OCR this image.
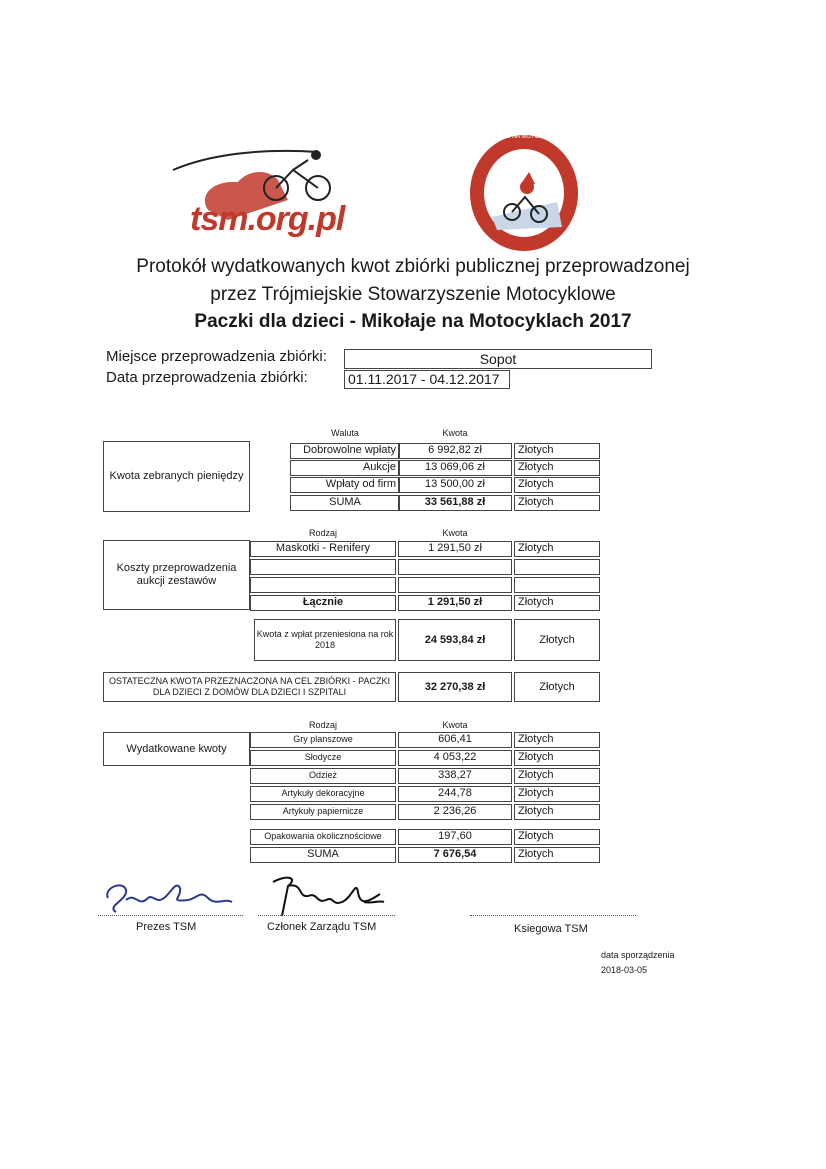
tsm.org.pl
MIKOŁAJE NA MOTOCYKLACH
Protokół wydatkowanych kwot zbiórki publicznej przeprowadzonej
przez Trójmiejskie Stowarzyszenie Motocyklowe
Paczki dla dzieci - Mikołaje na Motocyklach 2017
Miejsce przeprowadzenia zbiórki:	Sopot
Data przeprowadzenia zbiórki:	01.11.2017 - 04.12.2017
Waluta	Kwota
Kwota zebranych pieniędzy
Dobrowolne wpłaty	6 992,82 zł	Złotych
Aukcje	13 069,06 zł	Złotych
Wpłaty od firm	13 500,00 zł	Złotych
SUMA	33 561,88 zł	Złotych
Rodzaj	Kwota
Koszty przeprowadzenia aukcji zestawów
Maskotki - Renifery	1 291,50 zł	Złotych
Łącznie	1 291,50 zł	Złotych
Kwota z wpłat przeniesiona na rok 2018	24 593,84 zł	Złotych
OSTATECZNA KWOTA PRZEZNACZONA NA CEL ZBIÓRKI - PACZKI DLA DZIECI Z DOMÓW DLA DZIECI I SZPITALI	32 270,38 zł	Złotych
Rodzaj	Kwota
Wydatkowane kwoty
Gry planszowe	606,41	Złotych
Słodycze	4 053,22	Złotych
Odzież	338,27	Złotych
Artykuły dekoracyjne	244,78	Złotych
Artykuły papiernicze	2 236,26	Złotych
Opakowania okolicznościowe	197,60	Złotych
SUMA	7 676,54	Złotych
Prezes TSM	Członek Zarządu TSM	Ksiegowa TSM
data sporządzenia
2018-03-05
